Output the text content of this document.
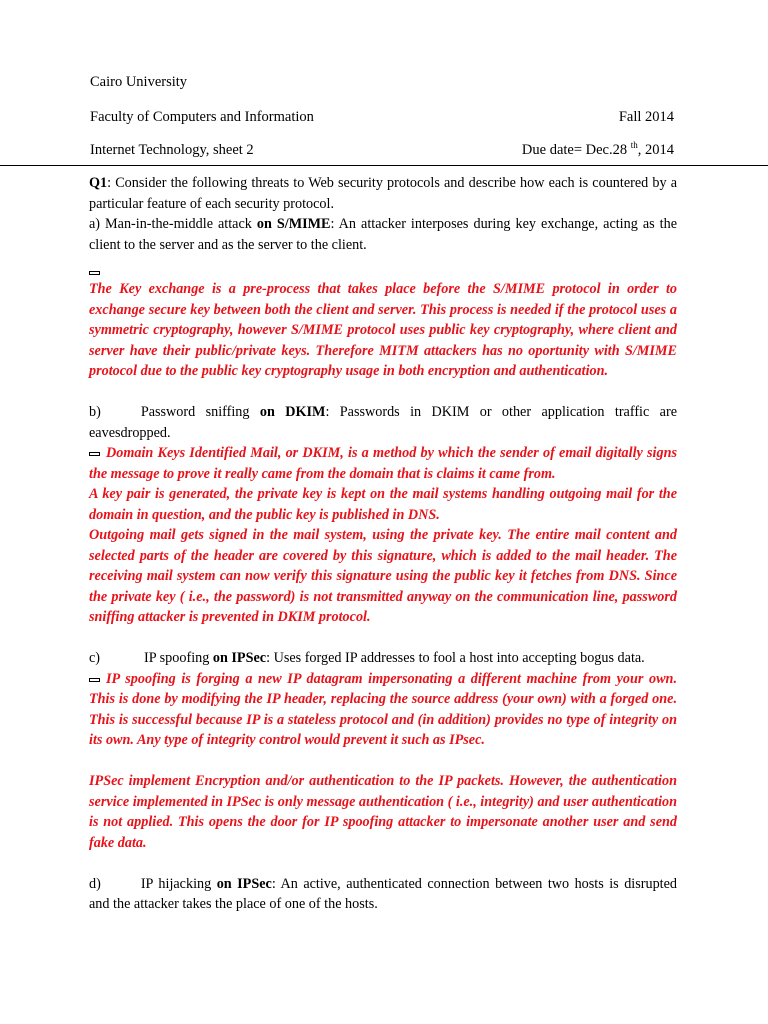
Cairo University
Faculty of Computers and Information	Fall 2014
Internet Technology, sheet 2	Due date= Dec.28 $^{th}$, 2014

Q1: Consider the following threats to Web security protocols and describe how each is countered by a particular feature of each security protocol.

a) Man-in-the-middle attack on S/MIME: An attacker interposes during key exchange, acting as the client to the server and as the server to the client.

The Key exchange is a pre-process that takes place before the S/MIME protocol in order to exchange secure key between both the client and server. This process is needed if the protocol uses a symmetric cryptography, however S/MIME protocol uses public key cryptography, where client and server have their public/private keys. Therefore MITM attackers has no oportunity with S/MIME protocol due to the public key cryptography usage in both encryption and authentication.

b)	Password sniffing on DKIM: Passwords in DKIM or other application traffic are eavesdropped.

Domain Keys Identified Mail, or DKIM, is a method by which the sender of email digitally signs the message to prove it really came from the domain that is claims it came from.

A key pair is generated, the private key is kept on the mail systems handling outgoing mail for the domain in question, and the public key is published in DNS.

Outgoing mail gets signed in the mail system, using the private key. The entire mail content and selected parts of the header are covered by this signature, which is added to the mail header. The receiving mail system can now verify this signature using the public key it fetches from DNS. Since the private key ( i.e., the password) is not transmitted anyway on the communication line, password sniffing attacker is prevented in DKIM protocol.

c)	IP spoofing on IPSec: Uses forged IP addresses to fool a host into accepting bogus data.

IP spoofing is forging a new IP datagram impersonating a different machine from your own. This is done by modifying the IP header, replacing the source address (your own) with a forged one. This is successful because IP is a stateless protocol and (in addition) provides no type of integrity on its own. Any type of integrity control would prevent it such as IPsec.

IPSec implement Encryption and/or authentication to the IP packets. However, the authentication service implemented in IPSec is only message authentication ( i.e., integrity) and user authentication is not applied. This opens the door for IP spoofing attacker to impersonate another user and send fake data.

d)	IP hijacking on IPSec: An active, authenticated connection between two hosts is disrupted and the attacker takes the place of one of the hosts.
